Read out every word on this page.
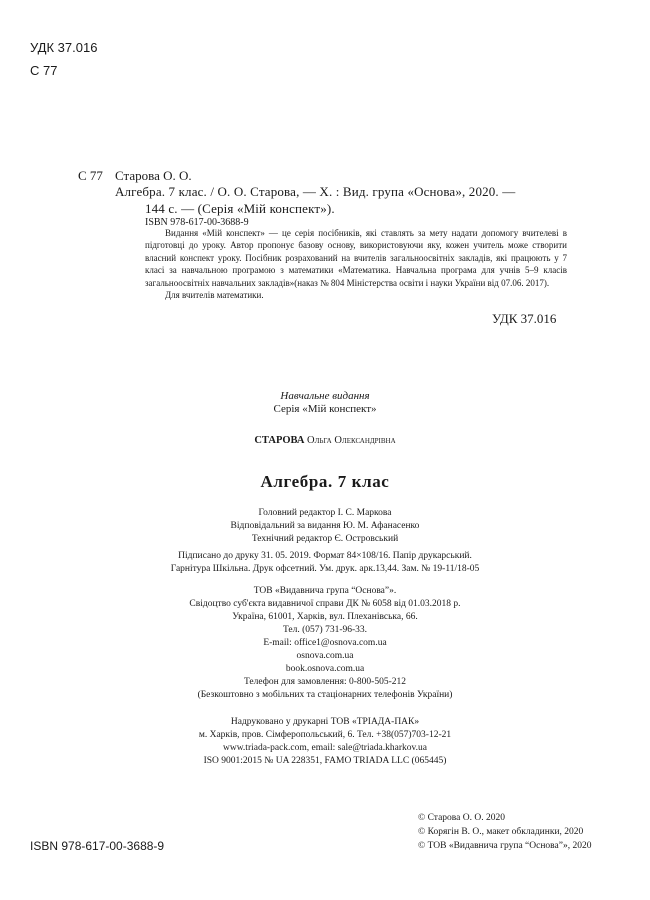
УДК 37.016
С 77
С 77 Старова О. О.
Алгебра. 7 клас. / О. О. Старова, — Х. : Вид. група «Основа», 2020. —
144 с. — (Серія «Мій конспект»).
ISBN 978-617-00-3688-9

Видання «Мій конспект» — це серія посібників, які ставлять за мету надати допомогу вчителеві в підготовці до уроку. Автор пропонує базову основу, використовуючи яку, кожен учитель може створити власний конспект уроку. Посібник розрахований на вчителів загальноосвітніх закладів, які працюють у 7 класі за навчальною програмою з математики «Математика. Навчальна програма для учнів 5–9 класів загальноосвітніх навчальних закладів»(наказ № 804 Міністерства освіти і науки України від 07.06. 2017).

Для вчителів математики.

УДК 37.016
Навчальне видання
Серія «Мій конспект»
СТАРОВА Ольга Олександрівна
Алгебра. 7 клас
Головний редактор І. С. Маркова
Відповідальний за видання Ю. М. Афанасенко
Технічний редактор Є. Островський
Підписано до друку 31. 05. 2019. Формат 84×108/16. Папір друкарський.
Гарнітура Шкільна. Друк офсетний. Ум. друк. арк.13,44. Зам. № 19-11/18-05
ТОВ «Видавнича група “Основа”».
Свідоцтво суб'єкта видавничої справи ДК № 6058 від 01.03.2018 р.
Україна, 61001, Харків, вул. Плеханівська, 66.
Тел. (057) 731-96-33.
E-mail: office1@osnova.com.ua
osnova.com.ua
book.osnova.com.ua
Телефон для замовлення: 0-800-505-212
(Безкоштовно з мобільних та стаціонарних телефонів України)
Надруковано у друкарні ТОВ «ТРІАДА-ПАК»
м. Харків, пров. Сімферопольський, 6. Тел. +38(057)703-12-21
www.triada-pack.com, email: sale@triada.kharkov.ua
ISO 9001:2015 № UA 228351, FAMO TRIADA LLC (065445)
© Старова О. О. 2020
© Корягін В. О., макет обкладинки, 2020
© ТОВ «Видавнича група “Основа”», 2020
ISBN 978-617-00-3688-9
